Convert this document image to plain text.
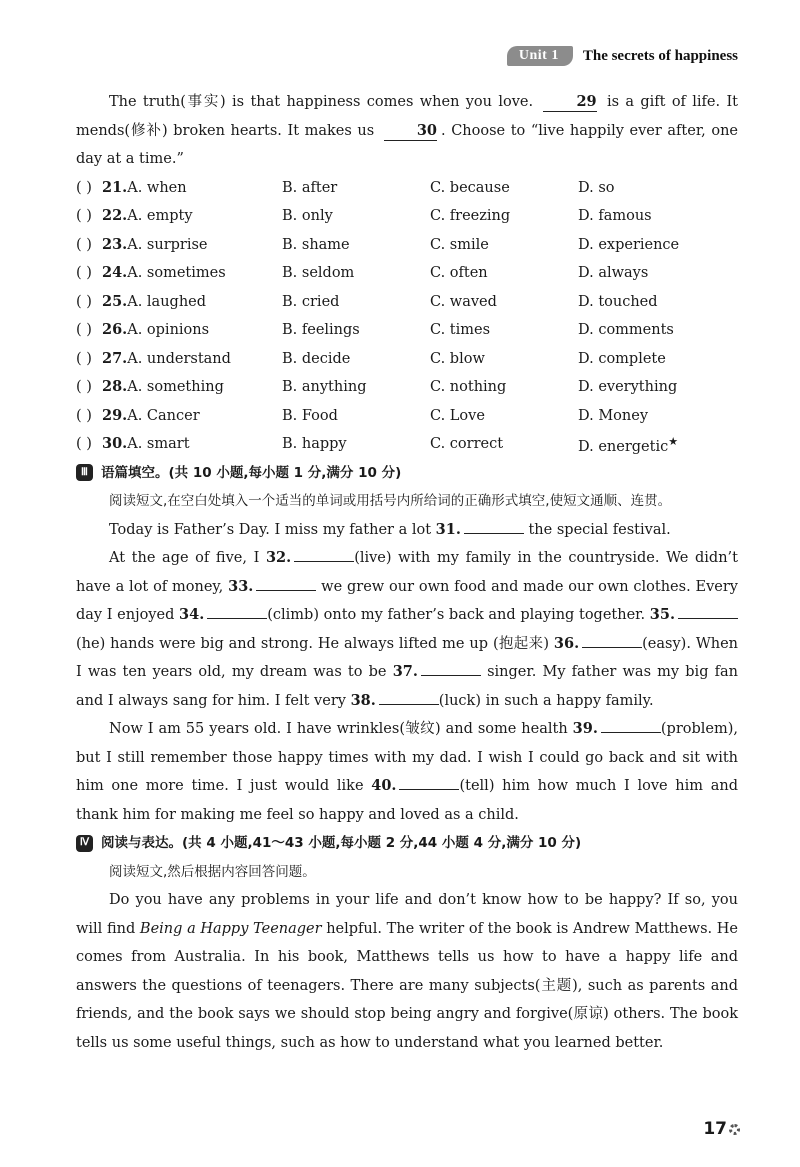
Unit 1	The secrets of happiness

The truth(事实) is that happiness comes when you love.	29 is a gift of life. It mends(修补) broken hearts. It makes us	30 . Choose to “live happily ever after, one day at a time.”

( ) 21. A. when	B. after	C. because	D. so
( ) 22. A. empty	B. only	C. freezing	D. famous
( ) 23. A. surprise	B. shame	C. smile	D. experience
( ) 24. A. sometimes	B. seldom	C. often	D. always
( ) 25. A. laughed	B. cried	C. waved	D. touched
( ) 26. A. opinions	B. feelings	C. times	D. comments
( ) 27. A. understand	B. decide	C. blow	D. complete
( ) 28. A. something	B. anything	C. nothing	D. everything
( ) 29. A. Cancer	B. Food	C. Love	D. Money
( ) 30. A. smart	B. happy	C. correct	D. energetic★
Ⅲ 语篇填空。(共 10 小题,每小题 1 分,满分 10 分)

阅读短文,在空白处填入一个适当的单词或用括号内所给词的正确形式填空,使短文通顺、连贯。

Today is Father’s Day. I miss my father a lot 31.	the special festival.

At the age of five, I 32.	(live) with my family in the countryside. We didn’t have a lot of money, 33.	we grew our own food and made our own clothes. Every day I enjoyed 34.	(climb) onto my father’s back and playing together. 35.(he) hands were big and strong. He always lifted me up (抱起来) 36.	(easy). When I was ten years old, my dream was to be 37.	singer. My father was my big fan and I always sang for him. I felt very 38.	(luck) in such a happy family.

Now I am 55 years old. I have wrinkles(皱纹) and some health 39.	(problem), but I still remember those happy times with my dad. I wish I could go back and sit with him one more time. I just would like 40.	(tell) him how much I love him and thank him for making me feel so happy and loved as a child.

Ⅳ 阅读与表达。(共 4 小题,41～43 小题,每小题 2 分,44 小题 4 分,满分 10 分)

阅读短文,然后根据内容回答问题。

Do you have any problems in your life and don’t know how to be happy? If so, you will find Being a Happy Teenager helpful. The writer of the book is Andrew Matthews. He comes from Australia. In his book, Matthews tells us how to have a happy life and answers the questions of teenagers. There are many subjects(主题), such as parents and friends, and the book says we should stop being angry and forgive(原谅) others. The book tells us some useful things, such as how to understand what you learned better.

17
